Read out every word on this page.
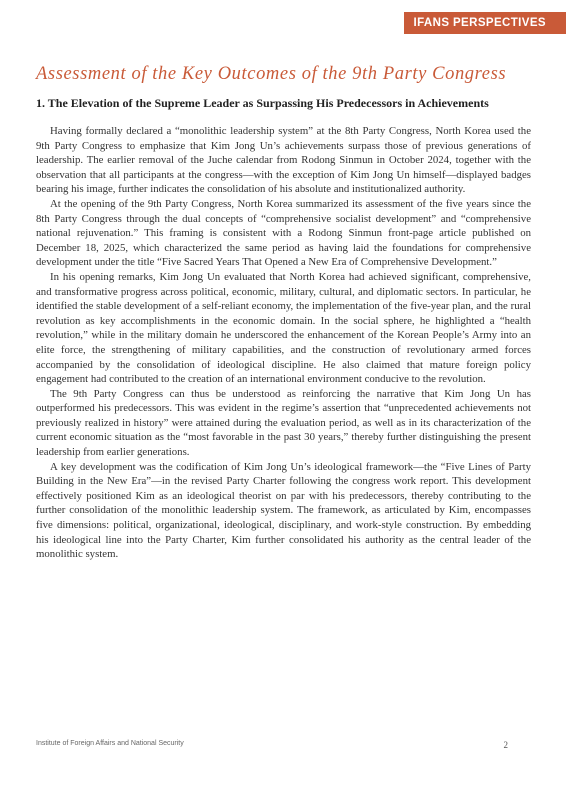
IFANS PERSPECTIVES
Assessment of the Key Outcomes of the 9th Party Congress
1. The Elevation of the Supreme Leader as Surpassing His Predecessors in Achievements

Having formally declared a “monolithic leadership system” at the 8th Party Congress, North Korea used the 9th Party Congress to emphasize that Kim Jong Un’s achievements surpass those of previous generations of leadership. The earlier removal of the Juche calendar from Rodong Sinmun in October 2024, together with the observation that all participants at the congress—with the exception of Kim Jong Un himself—displayed badges bearing his image, further indicates the consolidation of his absolute and institutionalized authority.

At the opening of the 9th Party Congress, North Korea summarized its assessment of the five years since the 8th Party Congress through the dual concepts of “comprehensive socialist development” and “comprehensive national rejuvenation.” This framing is consistent with a Rodong Sinmun front-page article published on December 18, 2025, which characterized the same period as having laid the foundations for comprehensive development under the title “Five Sacred Years That Opened a New Era of Comprehensive Development.”

In his opening remarks, Kim Jong Un evaluated that North Korea had achieved significant, comprehensive, and transformative progress across political, economic, military, cultural, and diplomatic sectors. In particular, he identified the stable development of a self-reliant economy, the implementation of the five-year plan, and the rural revolution as key accomplishments in the economic domain. In the social sphere, he highlighted a “health revolution,” while in the military domain he underscored the enhancement of the Korean People’s Army into an elite force, the strengthening of military capabilities, and the construction of revolutionary armed forces accompanied by the consolidation of ideological discipline. He also claimed that mature foreign policy engagement had contributed to the creation of an international environment conducive to the revolution.

The 9th Party Congress can thus be understood as reinforcing the narrative that Kim Jong Un has outperformed his predecessors. This was evident in the regime’s assertion that “unprecedented achievements not previously realized in history” were attained during the evaluation period, as well as in its characterization of the current economic situation as the “most favorable in the past 30 years,” thereby further distinguishing the present leadership from earlier generations.

A key development was the codification of Kim Jong Un’s ideological framework—the “Five Lines of Party Building in the New Era”—in the revised Party Charter following the congress work report. This development effectively positioned Kim as an ideological theorist on par with his predecessors, thereby contributing to the further consolidation of the monolithic leadership system. The framework, as articulated by Kim, encompasses five dimensions: political, organizational, ideological, disciplinary, and work-style construction. By embedding his ideological line into the Party Charter, Kim further consolidated his authority as the central leader of the monolithic system.

Institute of Foreign Affairs and National Security	2
